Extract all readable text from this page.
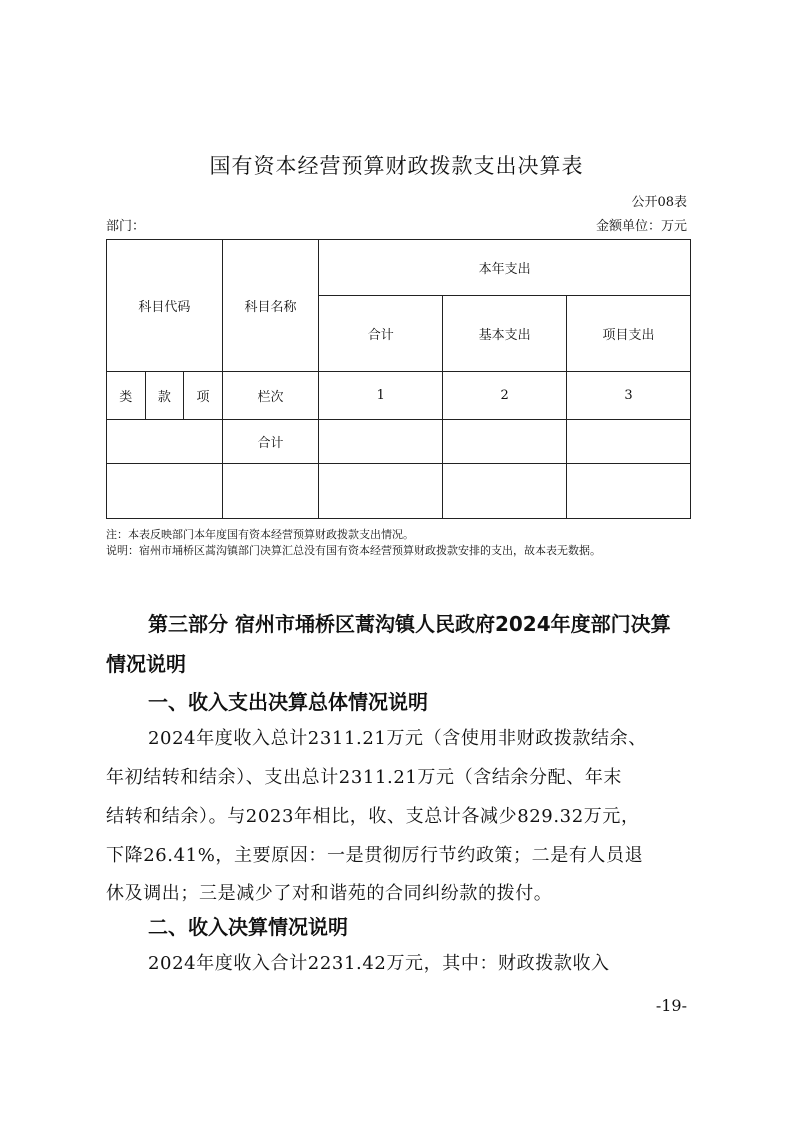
国有资本经营预算财政拨款支出决算表
公开08表
部门：	金额单位：万元
科目代码			科目名称	本年支出		
				合计	基本支出	项目支出
类	款	项	栏次	1	2	3
			合计			

注：本表反映部门本年度国有资本经营预算财政拨款支出情况。
说明：宿州市埇桥区蒿沟镇部门决算汇总没有国有资本经营预算财政拨款安排的支出，故本表无数据。
第三部分 宿州市埇桥区蒿沟镇人民政府2024年度部门决算
情况说明
一、收入支出决算总体情况说明
2024年度收入总计2311.21万元（含使用非财政拨款结余、
年初结转和结余）、支出总计2311.21万元（含结余分配、年末
结转和结余）。与2023年相比，收、支总计各减少829.32万元，
下降26.41%，主要原因：一是贯彻厉行节约政策；二是有人员退
休及调出；三是减少了对和谐苑的合同纠纷款的拨付。
二、收入决算情况说明
2024年度收入合计2231.42万元，其中：财政拨款收入
-19-
